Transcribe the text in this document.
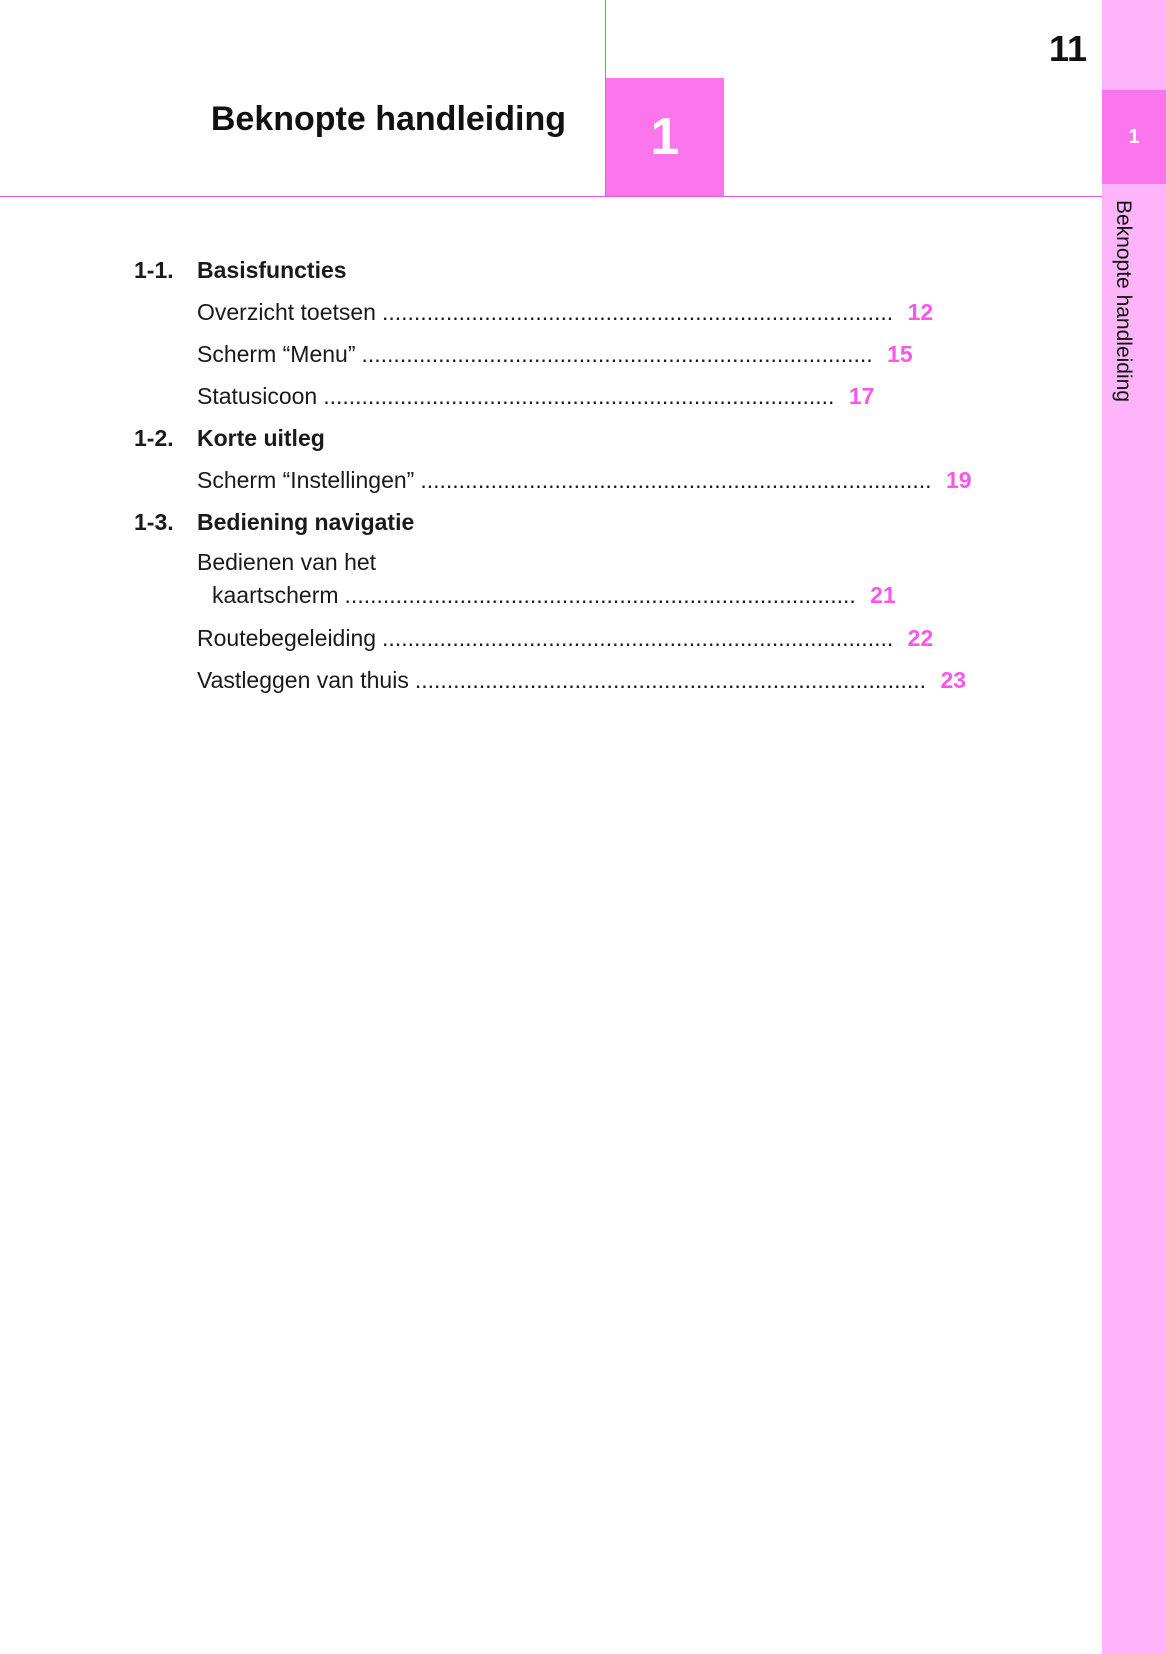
1
Beknopte handleiding
Beknopte handleiding 1
11
1-1. Basisfuncties
Overzicht toetsen ................................................................................ 12
Scherm “Menu” ................................................................................ 15
Statusicoon ................................................................................ 17
1-2. Korte uitleg
Scherm “Instellingen” ................................................................................ 19
1-3. Bediening navigatie
Bedienen van het
kaartscherm ................................................................................ 21
Routebegeleiding ................................................................................ 22
Vastleggen van thuis ................................................................................ 23
